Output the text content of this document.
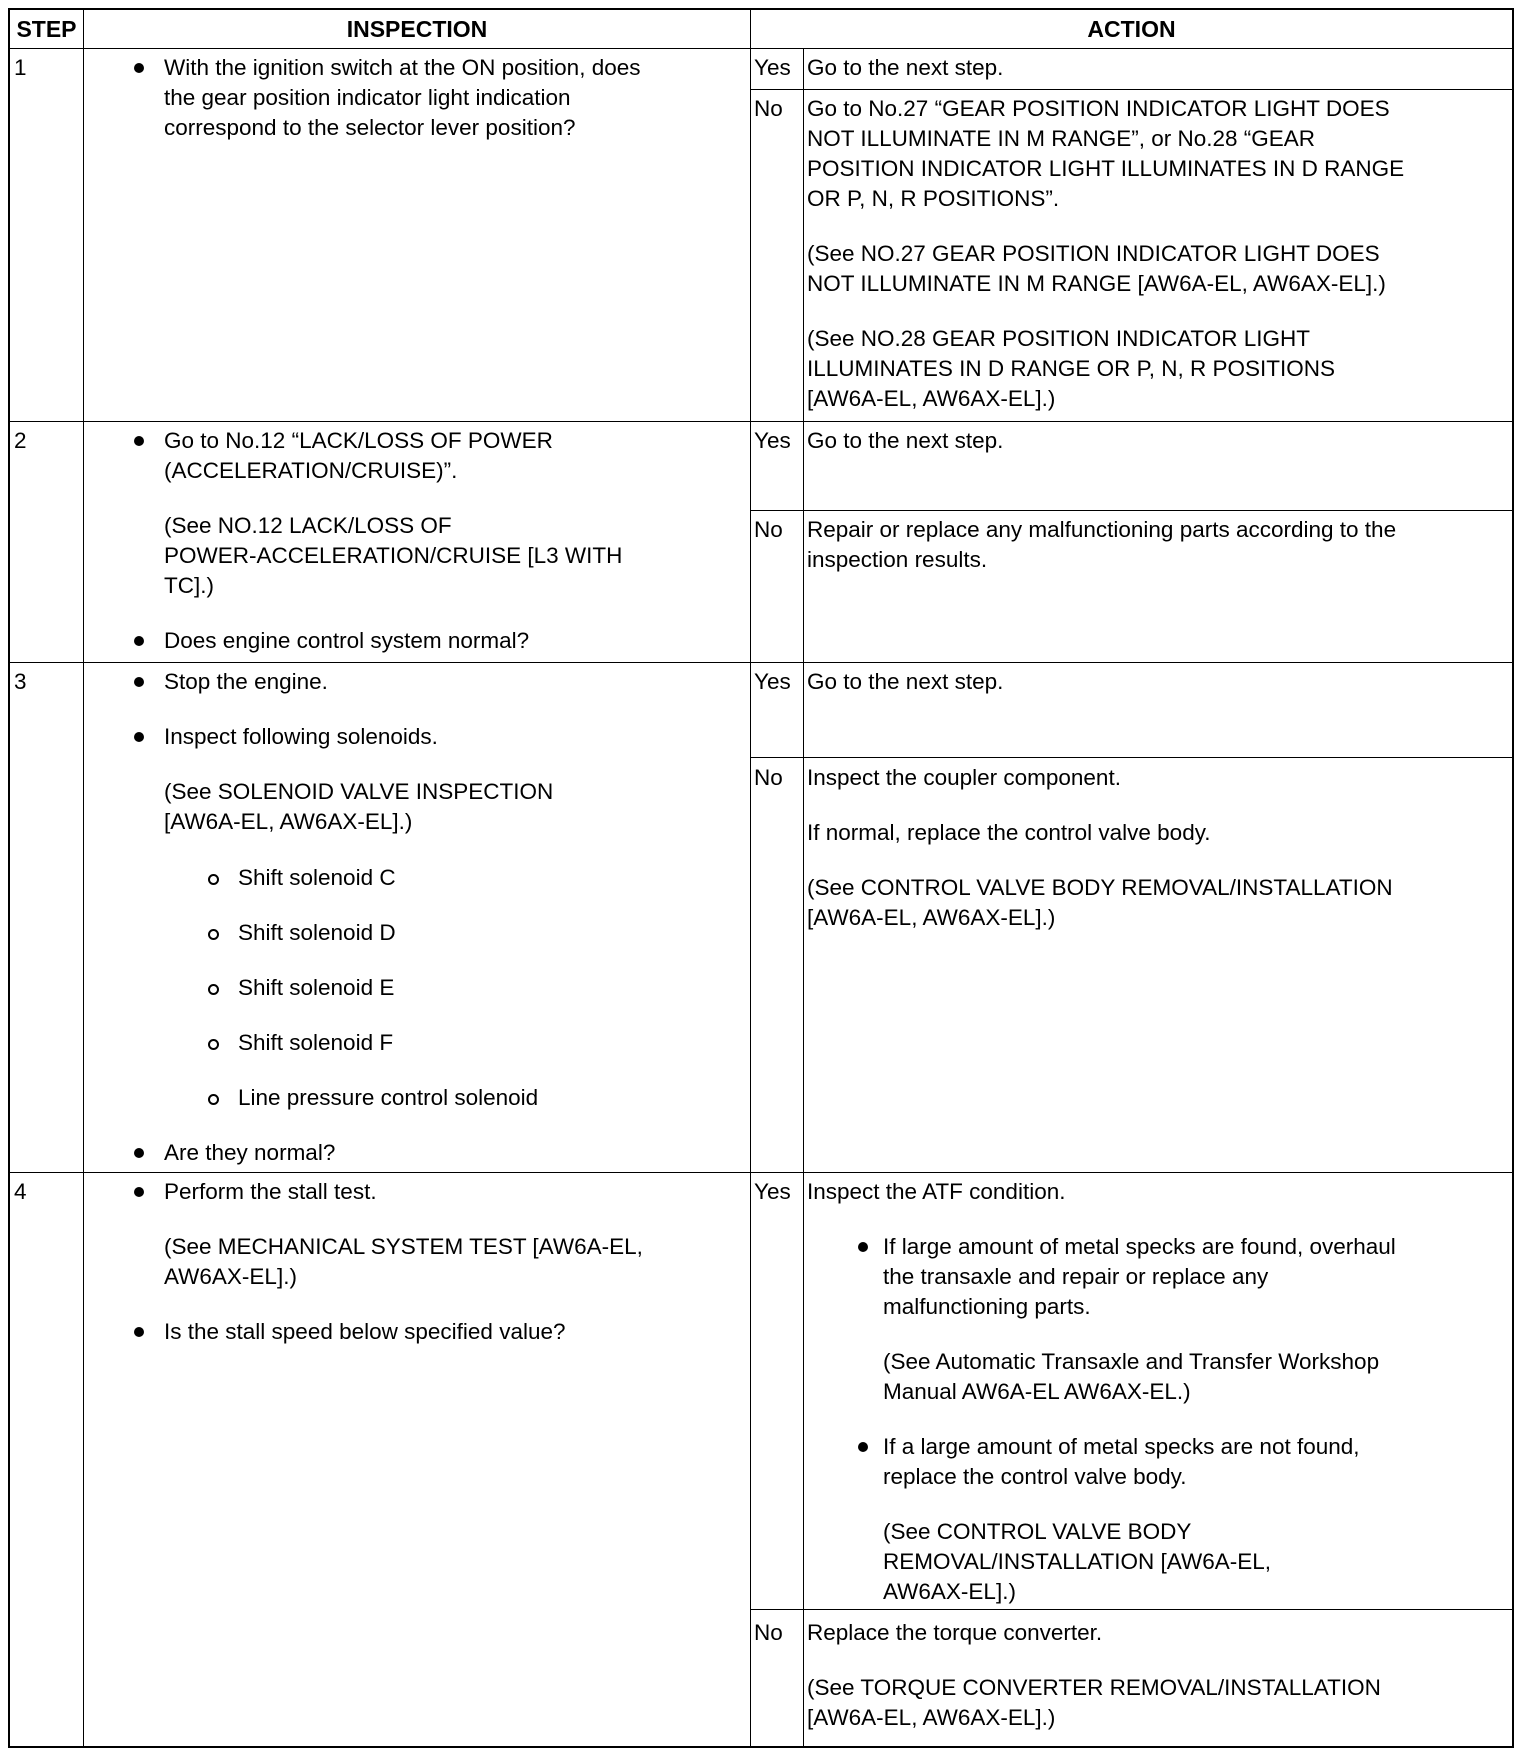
STEP	INSPECTION	ACTION
1	With the ignition switch at the ON position, does
the gear position indicator light indication
correspond to the selector lever position?
Yes Go to the next step.
No Go to No.27 “GEAR POSITION INDICATOR LIGHT DOES
NOT ILLUMINATE IN M RANGE”, or No.28 “GEAR
POSITION INDICATOR LIGHT ILLUMINATES IN D RANGE
OR P, N, R POSITIONS”.
(See NO.27 GEAR POSITION INDICATOR LIGHT DOES
NOT ILLUMINATE IN M RANGE [AW6A-EL, AW6AX-EL].)
(See NO.28 GEAR POSITION INDICATOR LIGHT
ILLUMINATES IN D RANGE OR P, N, R POSITIONS
[AW6A-EL, AW6AX-EL].)
2	Go to No.12 “LACK/LOSS OF POWER
(ACCELERATION/CRUISE)”.
(See NO.12 LACK/LOSS OF
POWER-ACCELERATION/CRUISE [L3 WITH
TC].)
Does engine control system normal?
Yes Go to the next step.
No Repair or replace any malfunctioning parts according to the
inspection results.
3	Stop the engine.
Inspect following solenoids.
(See SOLENOID VALVE INSPECTION
[AW6A-EL, AW6AX-EL].)
Shift solenoid C
Shift solenoid D
Shift solenoid E
Shift solenoid F
Line pressure control solenoid
Are they normal?
Yes Go to the next step.
No Inspect the coupler component.
If normal, replace the control valve body.
(See CONTROL VALVE BODY REMOVAL/INSTALLATION
[AW6A-EL, AW6AX-EL].)
4	Perform the stall test.
(See MECHANICAL SYSTEM TEST [AW6A-EL,
AW6AX-EL].)
Is the stall speed below specified value?
Yes Inspect the ATF condition.
If large amount of metal specks are found, overhaul
the transaxle and repair or replace any
malfunctioning parts.
(See Automatic Transaxle and Transfer Workshop
Manual AW6A-EL AW6AX-EL.)
If a large amount of metal specks are not found,
replace the control valve body.
(See CONTROL VALVE BODY
REMOVAL/INSTALLATION [AW6A-EL,
AW6AX-EL].)
No Replace the torque converter.
(See TORQUE CONVERTER REMOVAL/INSTALLATION
[AW6A-EL, AW6AX-EL].)
